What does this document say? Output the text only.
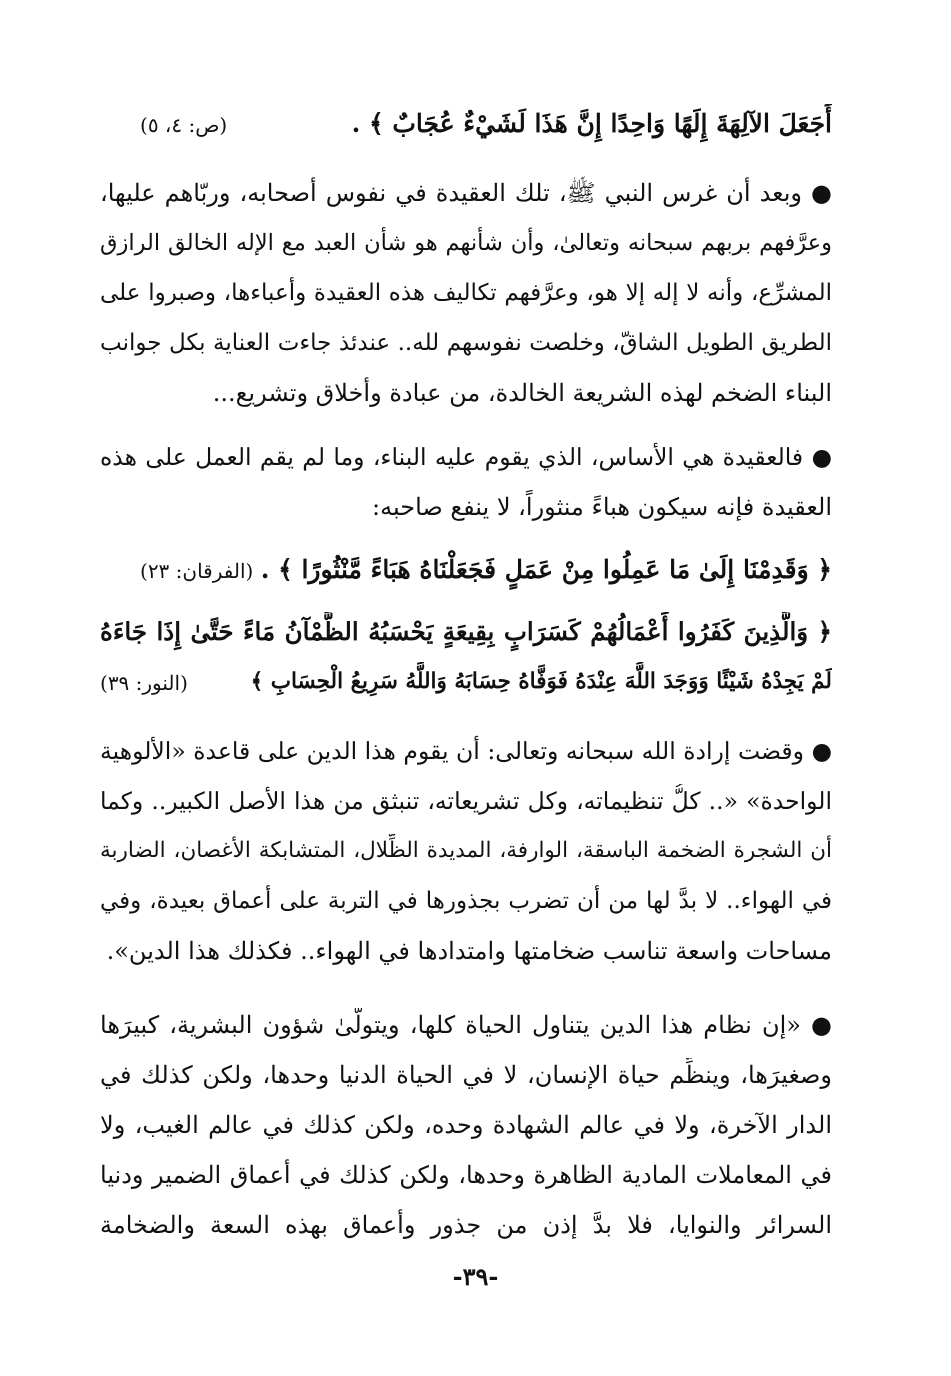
أَجَعَلَ الآلِهَةَ إِلَهًا وَاحِدًا إِنَّ هَذَا لَشَيْءٌ عُجَابٌ ﴾ .
(ص: ٤، ٥)
● وبعد أن غرس النبي ﷺ، تلك العقيدة في نفوس أصحابه، وربّاهم عليها،
وعرَّفهم بربهم سبحانه وتعالىٰ، وأن شأنهم هو شأن العبد مع الإله الخالق الرازق
المشرِّع، وأنه لا إله إلا هو، وعرَّفهم تكاليف هذه العقيدة وأعباءها، وصبروا على
الطريق الطويل الشاقّ، وخلصت نفوسهم لله.. عندئذ جاءت العناية بكل جوانب
البناء الضخم لهذه الشريعة الخالدة، من عبادة وأخلاق وتشريع...
● فالعقيدة هي الأساس، الذي يقوم عليه البناء، وما لم يقم العمل على هذه
العقيدة فإنه سيكون هباءً منثوراً، لا ينفع صاحبه:
﴿ وَقَدِمْنَا إِلَىٰ مَا عَمِلُوا مِنْ عَمَلٍ فَجَعَلْنَاهُ هَبَاءً مَّنْثُورًا ﴾ .
(الفرقان: ٢٣)
﴿ وَالَّذِينَ كَفَرُوا أَعْمَالُهُمْ كَسَرَابٍ بِقِيعَةٍ يَحْسَبُهُ الظَّمْآنُ مَاءً حَتَّىٰ إِذَا جَاءَهُ
لَمْ يَجِدْهُ شَيْئًا وَوَجَدَ اللَّهَ عِنْدَهُ فَوَفَّاهُ حِسَابَهُ وَاللَّهُ سَرِيعُ الْحِسَابِ ﴾
(النور: ٣٩)
● وقضت إرادة الله سبحانه وتعالى: أن يقوم هذا الدين على قاعدة «الألوهية
الواحدة» «.. كلُّ تنظيماته، وكل تشريعاته، تنبثق من هذا الأصل الكبير.. وكما
أن الشجرة الضخمة الباسقة، الوارفة، المديدة الظِّلال، المتشابكة الأغصان، الضاربة
في الهواء.. لا بدَّ لها من أن تضرب بجذورها في التربة على أعماق بعيدة، وفي
مساحات واسعة تناسب ضخامتها وامتدادها في الهواء.. فكذلك هذا الدين».
● «إن نظام هذا الدين يتناول الحياة كلها، ويتولّىٰ شؤون البشرية، كبيرَها
وصغيرَها، وينظِّم حياة الإنسان، لا في الحياة الدنيا وحدها، ولكن كذلك في
الدار الآخرة، ولا في عالم الشهادة وحده، ولكن كذلك في عالم الغيب، ولا
في المعاملات المادية الظاهرة وحدها، ولكن كذلك في أعماق الضمير ودنيا
السرائر والنوايا، فلا بدَّ إذن من جذور وأعماق بهذه السعة والضخامة
-٣٩-
